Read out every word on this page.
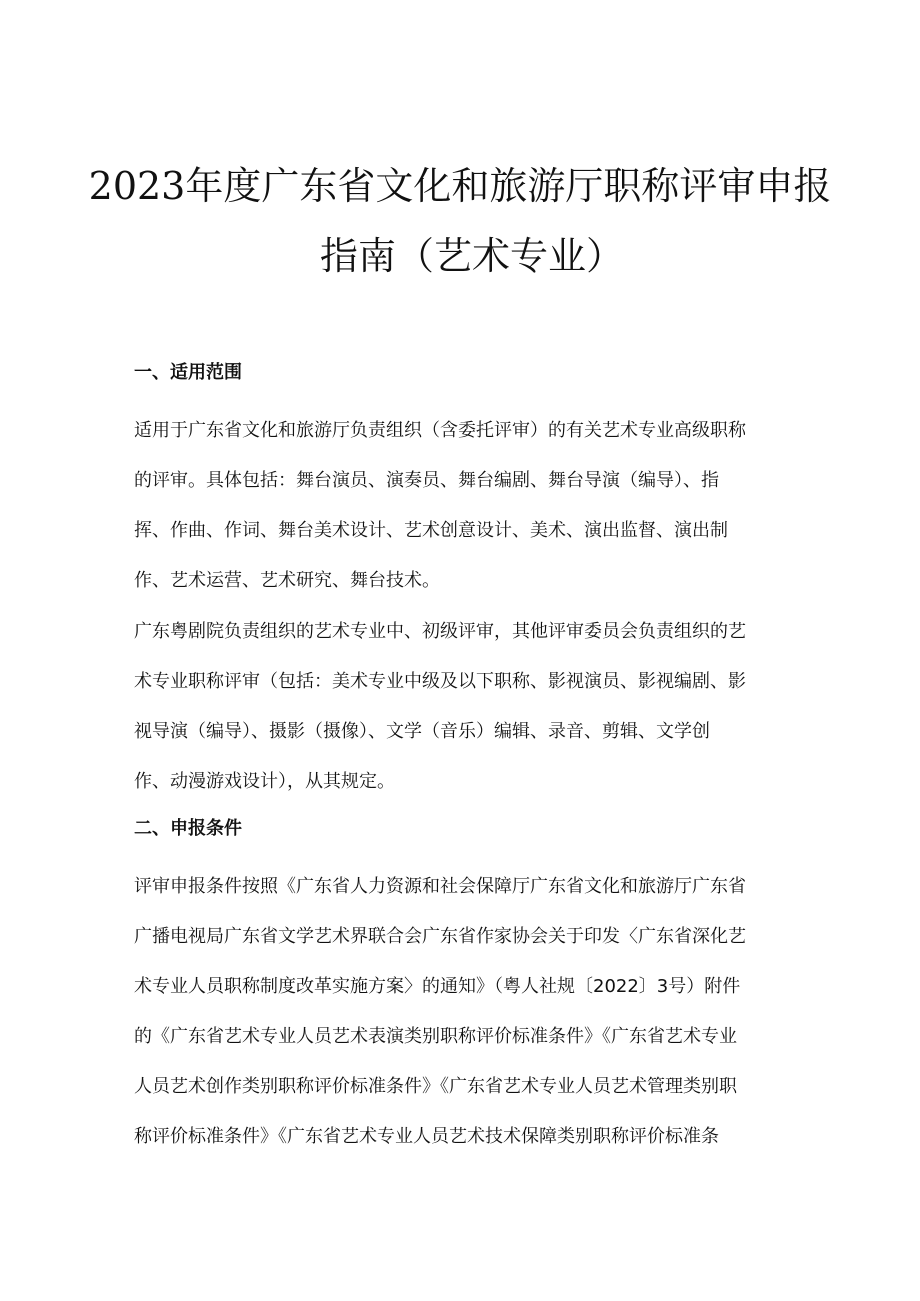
2023年度广东省文化和旅游厅职称评审申报
指南（艺术专业）
一、适用范围
适用于广东省文化和旅游厅负责组织（含委托评审）的有关艺术专业高级职称
的评审。具体包括：舞台演员、演奏员、舞台编剧、舞台导演（编导）、指
挥、作曲、作词、舞台美术设计、艺术创意设计、美术、演出监督、演出制
作、艺术运营、艺术研究、舞台技术。
广东粤剧院负责组织的艺术专业中、初级评审，其他评审委员会负责组织的艺
术专业职称评审（包括：美术专业中级及以下职称、影视演员、影视编剧、影
视导演（编导）、摄影（摄像）、文学（音乐）编辑、录音、剪辑、文学创
作、动漫游戏设计），从其规定。
二、申报条件
评审申报条件按照《广东省人力资源和社会保障厅广东省文化和旅游厅广东省
广播电视局广东省文学艺术界联合会广东省作家协会关于印发〈广东省深化艺
术专业人员职称制度改革实施方案〉的通知》（粤人社规〔2022〕3号）附件
的《广东省艺术专业人员艺术表演类别职称评价标准条件》《广东省艺术专业
人员艺术创作类别职称评价标准条件》《广东省艺术专业人员艺术管理类别职
称评价标准条件》《广东省艺术专业人员艺术技术保障类别职称评价标准条
